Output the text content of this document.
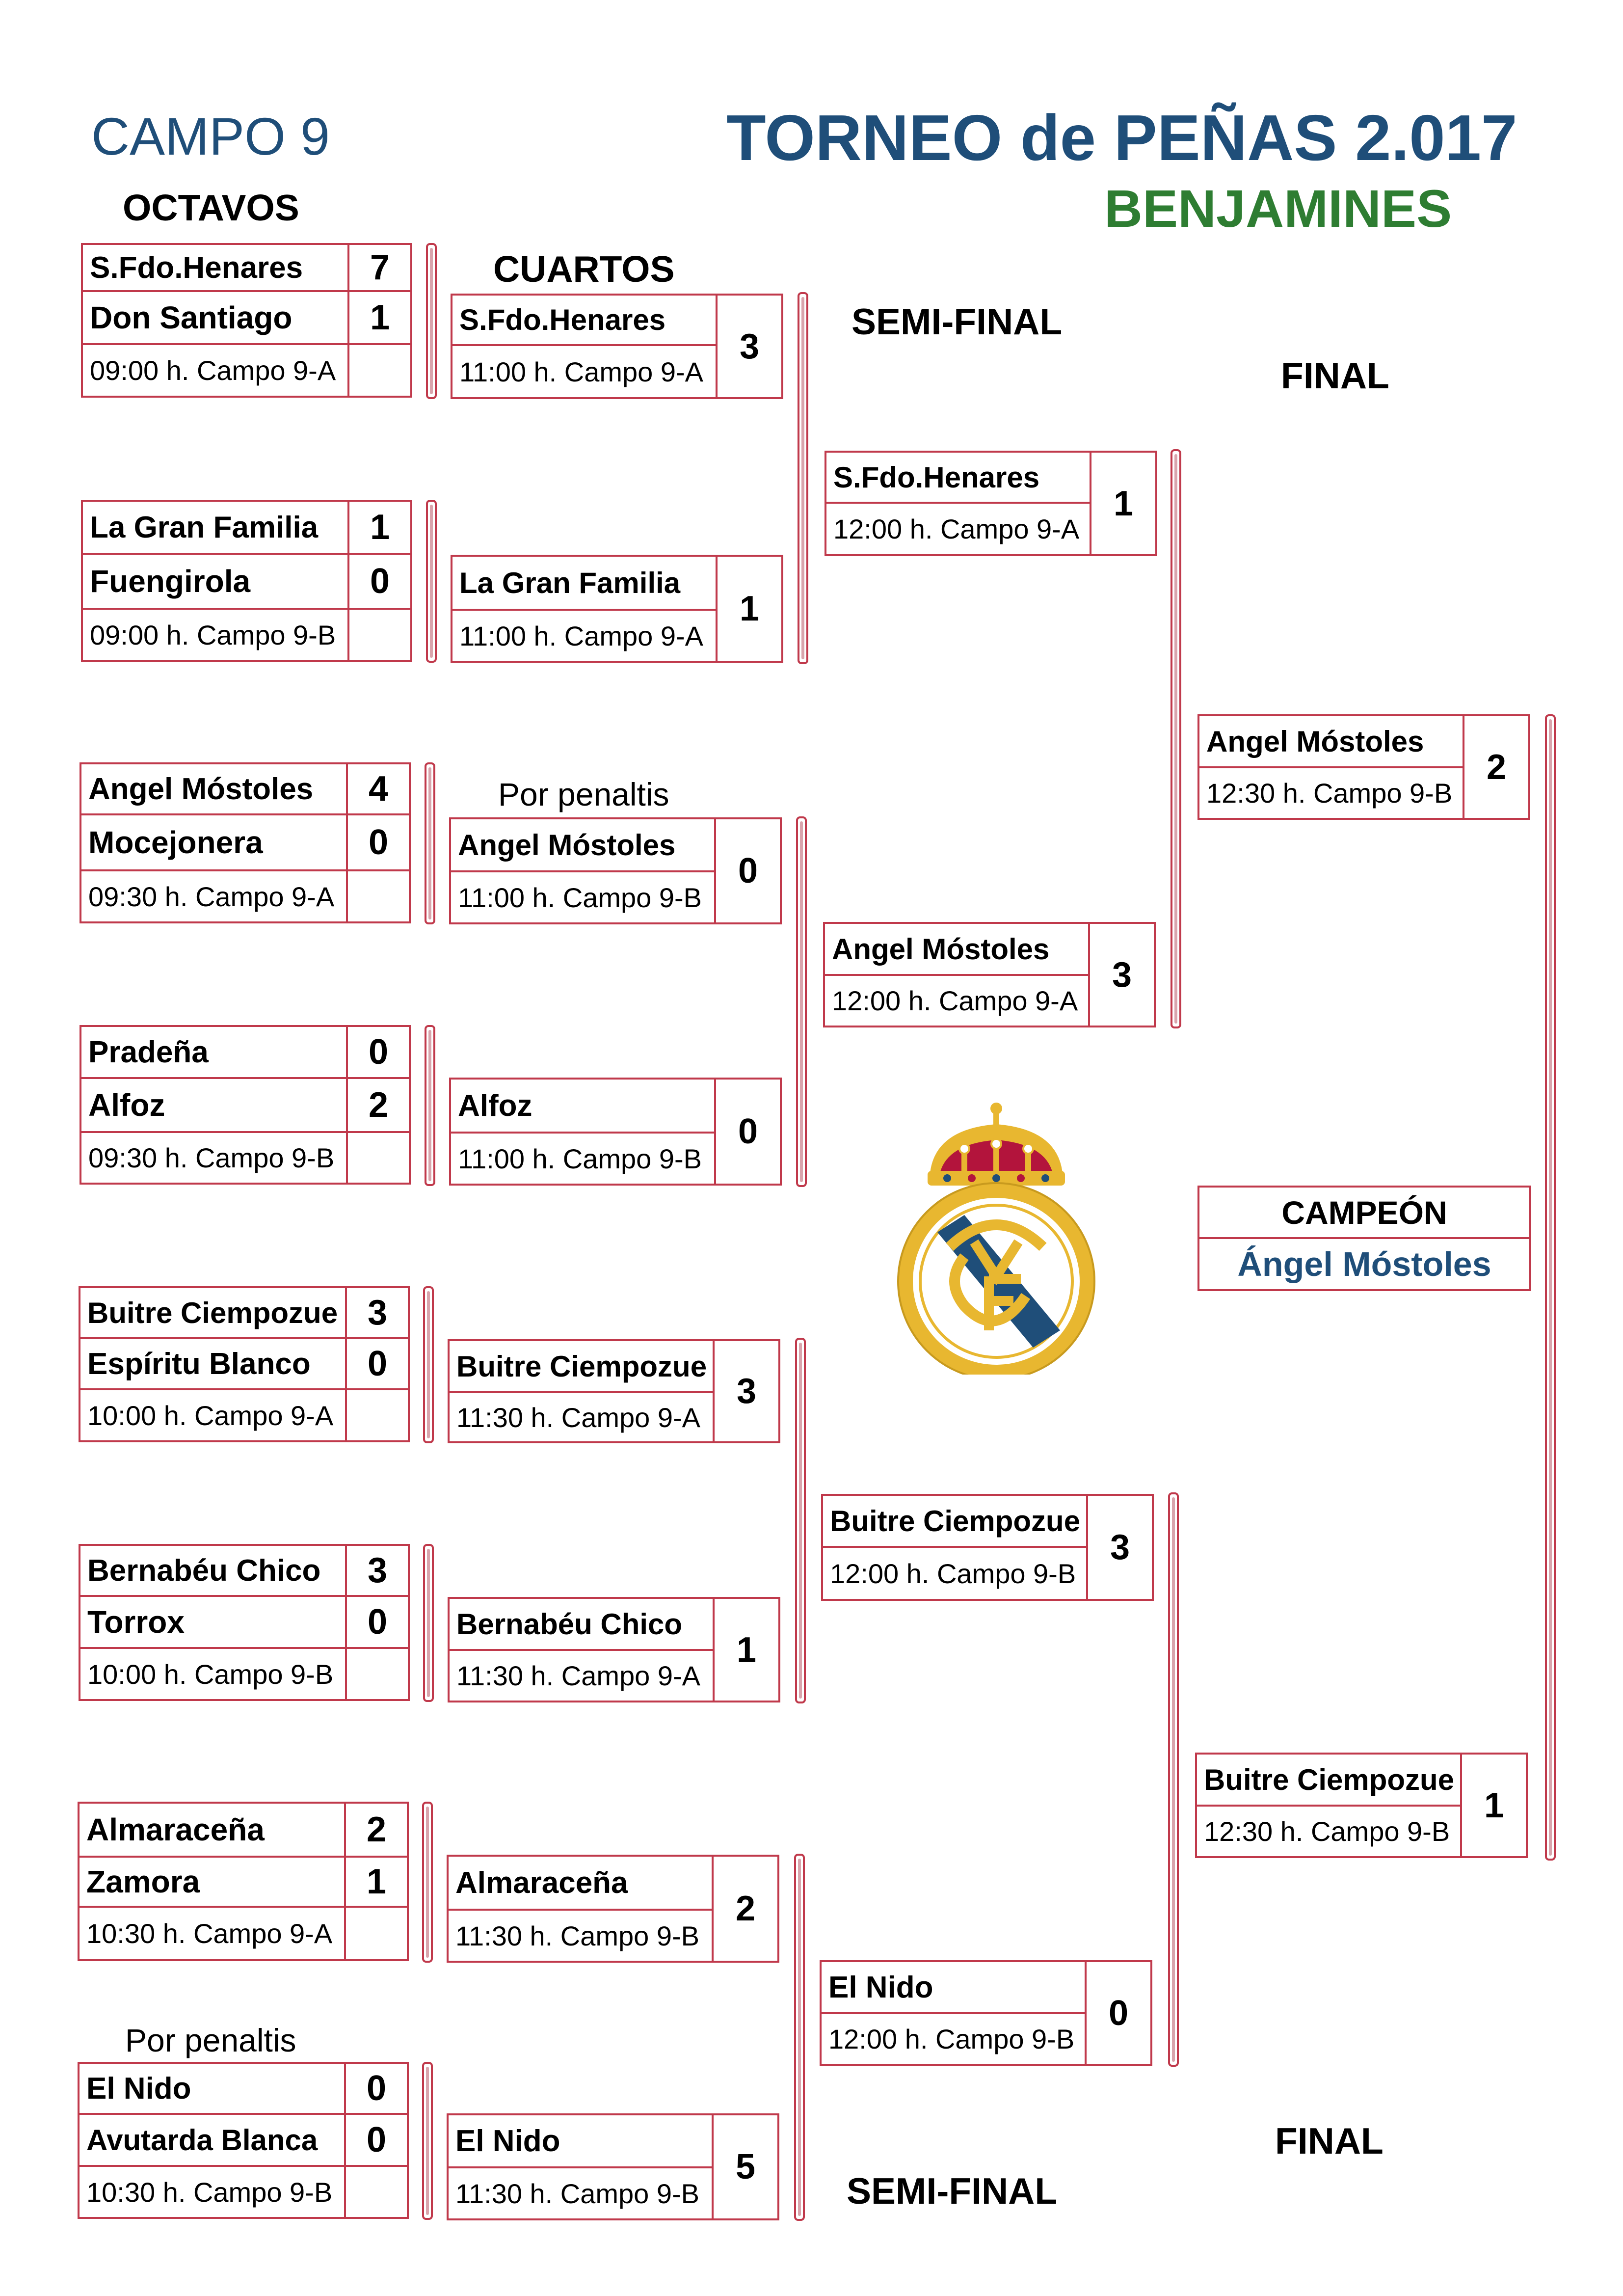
CAMPO 9	TORNEO de PEÑAS 2.017
BENJAMINES
OCTAVOS
CUARTOS
SEMI-FINAL
FINAL
FINAL
SEMI-FINAL
Por penaltis
Por penaltis
S.Fdo.Henares	7
Don Santiago	1
09:00 h. Campo 9-A
La Gran Familia	1
Fuengirola	0
09:00 h. Campo 9-B
Angel Móstoles	4
Mocejonera	0
09:30 h. Campo 9-A
Pradeña	0
Alfoz	2
09:30 h. Campo 9-B
Buitre Ciempozue 3
Espíritu Blanco	0
10:00 h. Campo 9-A
Bernabéu Chico	3
Torrox	0
10:00 h. Campo 9-B
Almaraceña	2
Zamora	1
10:30 h. Campo 9-A
El Nido	0
Avutarda Blanca	0
10:30 h. Campo 9-B
S.Fdo.Henares
11:00 h. Campo 9-A
3
La Gran Familia
11:00 h. Campo 9-A
1
Angel Móstoles
11:00 h. Campo 9-B
0
Alfoz
11:00 h. Campo 9-B
0
Buitre Ciempozue
11:30 h. Campo 9-A
3
Bernabéu Chico
11:30 h. Campo 9-A
1
Almaraceña
11:30 h. Campo 9-B
2
El Nido
11:30 h. Campo 9-B
5
S.Fdo.Henares
12:00 h. Campo 9-A
1
Angel Móstoles
12:00 h. Campo 9-A
3
Buitre Ciempozue
12:00 h. Campo 9-B
3
El Nido
12:00 h. Campo 9-B
0
Angel Móstoles
12:30 h. Campo 9-B
2
Buitre Ciempozue
12:30 h. Campo 9-B
1
CAMPEÓN
Ángel Móstoles
